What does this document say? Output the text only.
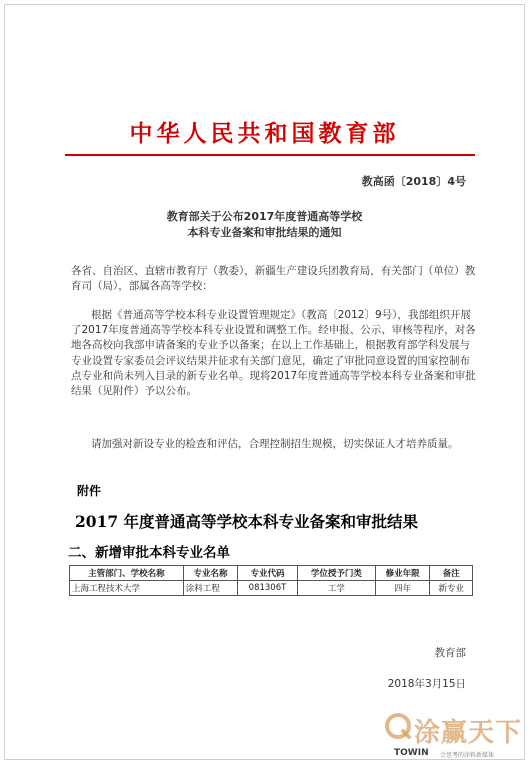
中华人民共和国教育部
教高函〔2018〕4号
教育部关于公布2017年度普通高等学校
本科专业备案和审批结果的通知
各省、自治区、直辖市教育厅（教委），新疆生产建设兵团教育局，有关部门（单位）教育司（局），部属各高等学校：
根据《普通高等学校本科专业设置管理规定》（教高〔2012〕9号），我部组织开展了2017年度普通高等学校本科专业设置和调整工作。经申报、公示、审核等程序，对各地各高校向我部申请备案的专业予以备案；在以上工作基础上，根据教育部学科发展与专业设置专家委员会评议结果并征求有关部门意见，确定了审批同意设置的国家控制布点专业和尚未列入目录的新专业名单。现将2017年度普通高等学校本科专业备案和审批结果（见附件）予以公布。
请加强对新设专业的检查和评估，合理控制招生规模，切实保证人才培养质量。
附件
2017 年度普通高等学校本科专业备案和审批结果
二、新增审批本科专业名单
主管部门、学校名称	专业名称	专业代码	学位授予门类	修业年限	备注
上海工程技术大学	涂料工程	081306T	工学	四年	新专业
教育部
2018年3月15日
涂赢天下
TOWIN 会思考的涂料新媒体
